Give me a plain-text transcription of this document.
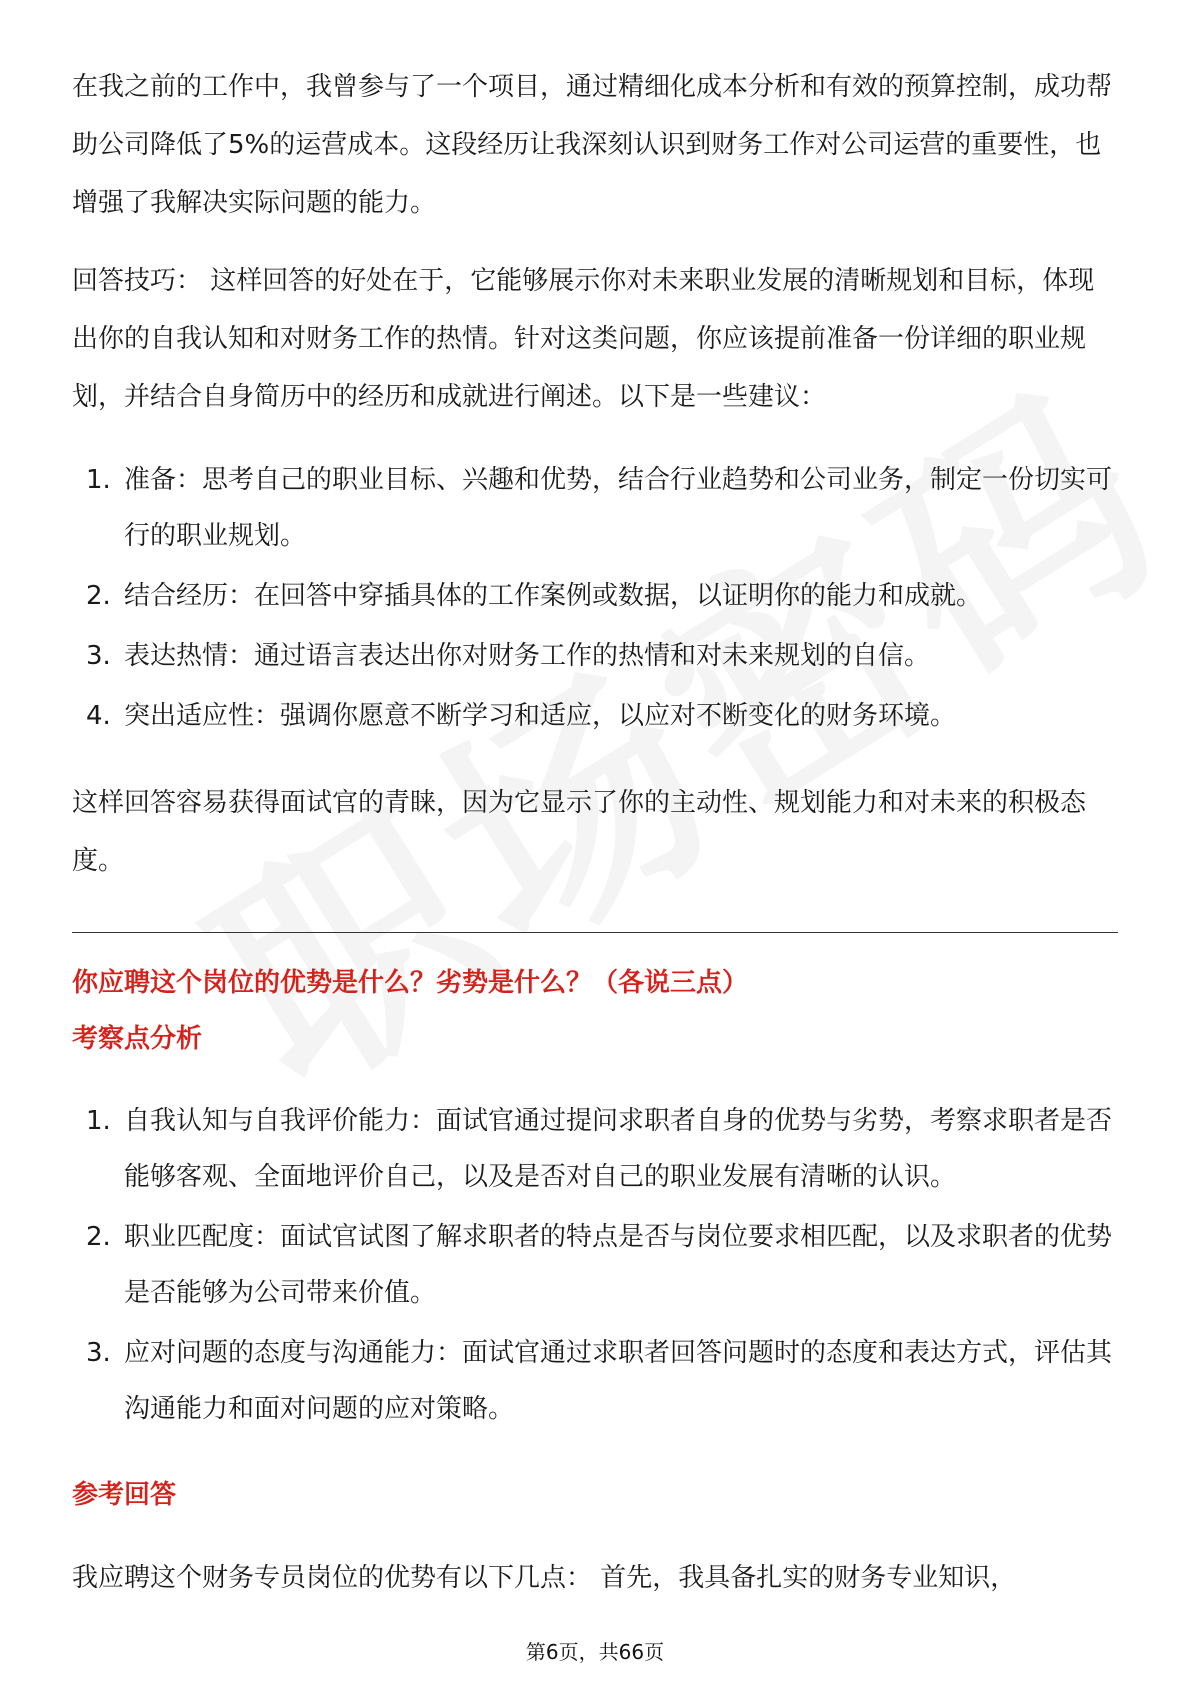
在我之前的工作中，我曾参与了一个项目，通过精细化成本分析和有效的预算控制，成功帮助公司降低了5%的运营成本。这段经历让我深刻认识到财务工作对公司运营的重要性，也增强了我解决实际问题的能力。

回答技巧： 这样回答的好处在于，它能够展示你对未来职业发展的清晰规划和目标，体现出你的自我认知和对财务工作的热情。针对这类问题，你应该提前准备一份详细的职业规划，并结合自身简历中的经历和成就进行阐述。以下是一些建议：

1. 准备：思考自己的职业目标、兴趣和优势，结合行业趋势和公司业务，制定一份切实可行的职业规划。
2. 结合经历：在回答中穿插具体的工作案例或数据，以证明你的能力和成就。
3. 表达热情：通过语言表达出你对财务工作的热情和对未来规划的自信。
4. 突出适应性：强调你愿意不断学习和适应，以应对不断变化的财务环境。

这样回答容易获得面试官的青睐，因为它显示了你的主动性、规划能力和对未来的积极态度。

你应聘这个岗位的优势是什么？劣势是什么？（各说三点）

考察点分析

1. 自我认知与自我评价能力：面试官通过提问求职者自身的优势与劣势，考察求职者是否能够客观、全面地评价自己，以及是否对自己的职业发展有清晰的认识。
2. 职业匹配度：面试官试图了解求职者的特点是否与岗位要求相匹配，以及求职者的优势是否能够为公司带来价值。
3. 应对问题的态度与沟通能力：面试官通过求职者回答问题时的态度和表达方式，评估其沟通能力和面对问题的应对策略。

参考回答

我应聘这个财务专员岗位的优势有以下几点： 首先，我具备扎实的财务专业知识，

第6页，共66页
